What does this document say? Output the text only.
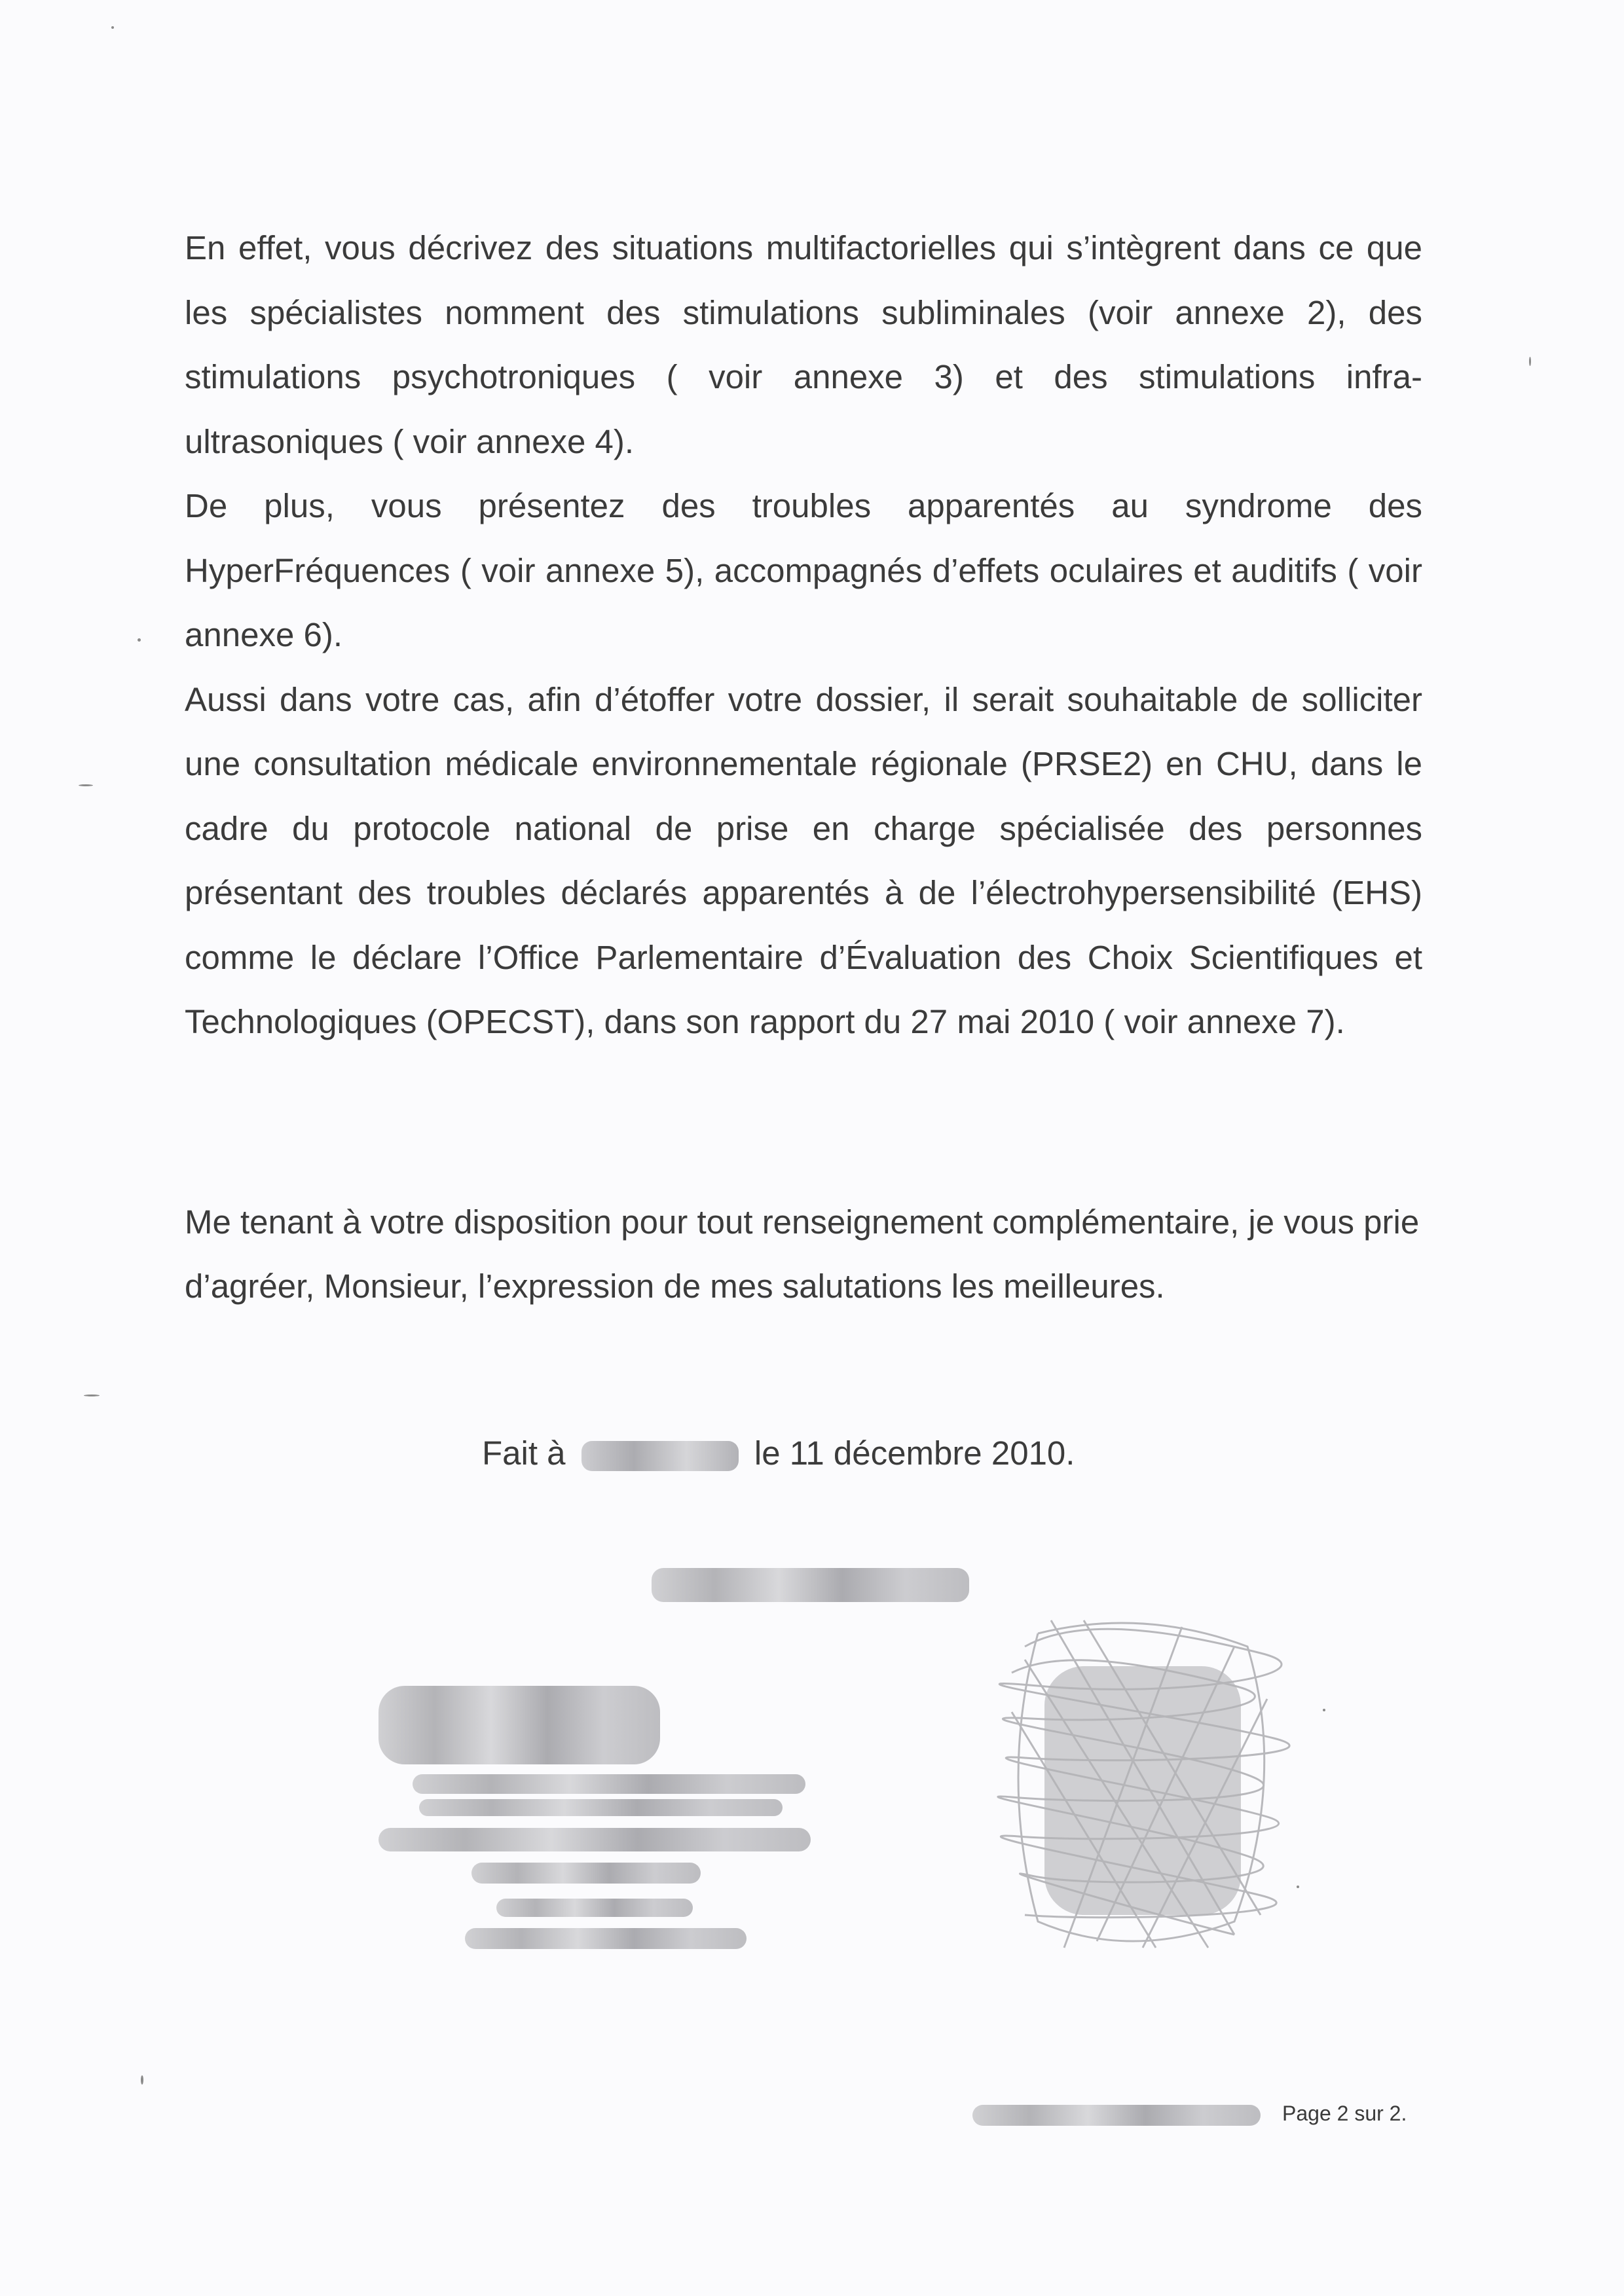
En effet, vous décrivez des situations multifactorielles qui s’intègrent dans ce que les spécialistes nomment des stimulations subliminales (voir annexe 2), des stimulations psychotroniques ( voir annexe 3) et des stimulations infra-ultrasoniques ( voir annexe 4).

De plus, vous présentez des troubles apparentés au syndrome des HyperFréquences ( voir annexe 5), accompagnés d’effets oculaires et auditifs ( voir annexe 6).

Aussi dans votre cas, afin d’étoffer votre dossier, il serait souhaitable de solliciter une consultation médicale environnementale régionale (PRSE2) en CHU, dans le cadre du protocole national de prise en charge spécialisée des personnes présentant des troubles déclarés apparentés à de l’électrohypersensibilité (EHS) comme le déclare l’Office Parlementaire d’Évaluation des Choix Scientifiques et Technologiques (OPECST), dans son rapport du 27 mai 2010 ( voir annexe 7).

Me tenant à votre disposition pour tout renseignement complémentaire, je vous prie d’agréer, Monsieur, l’expression de mes salutations les meilleures.

Fait à	le 11 décembre 2010.
Page 2 sur 2.
